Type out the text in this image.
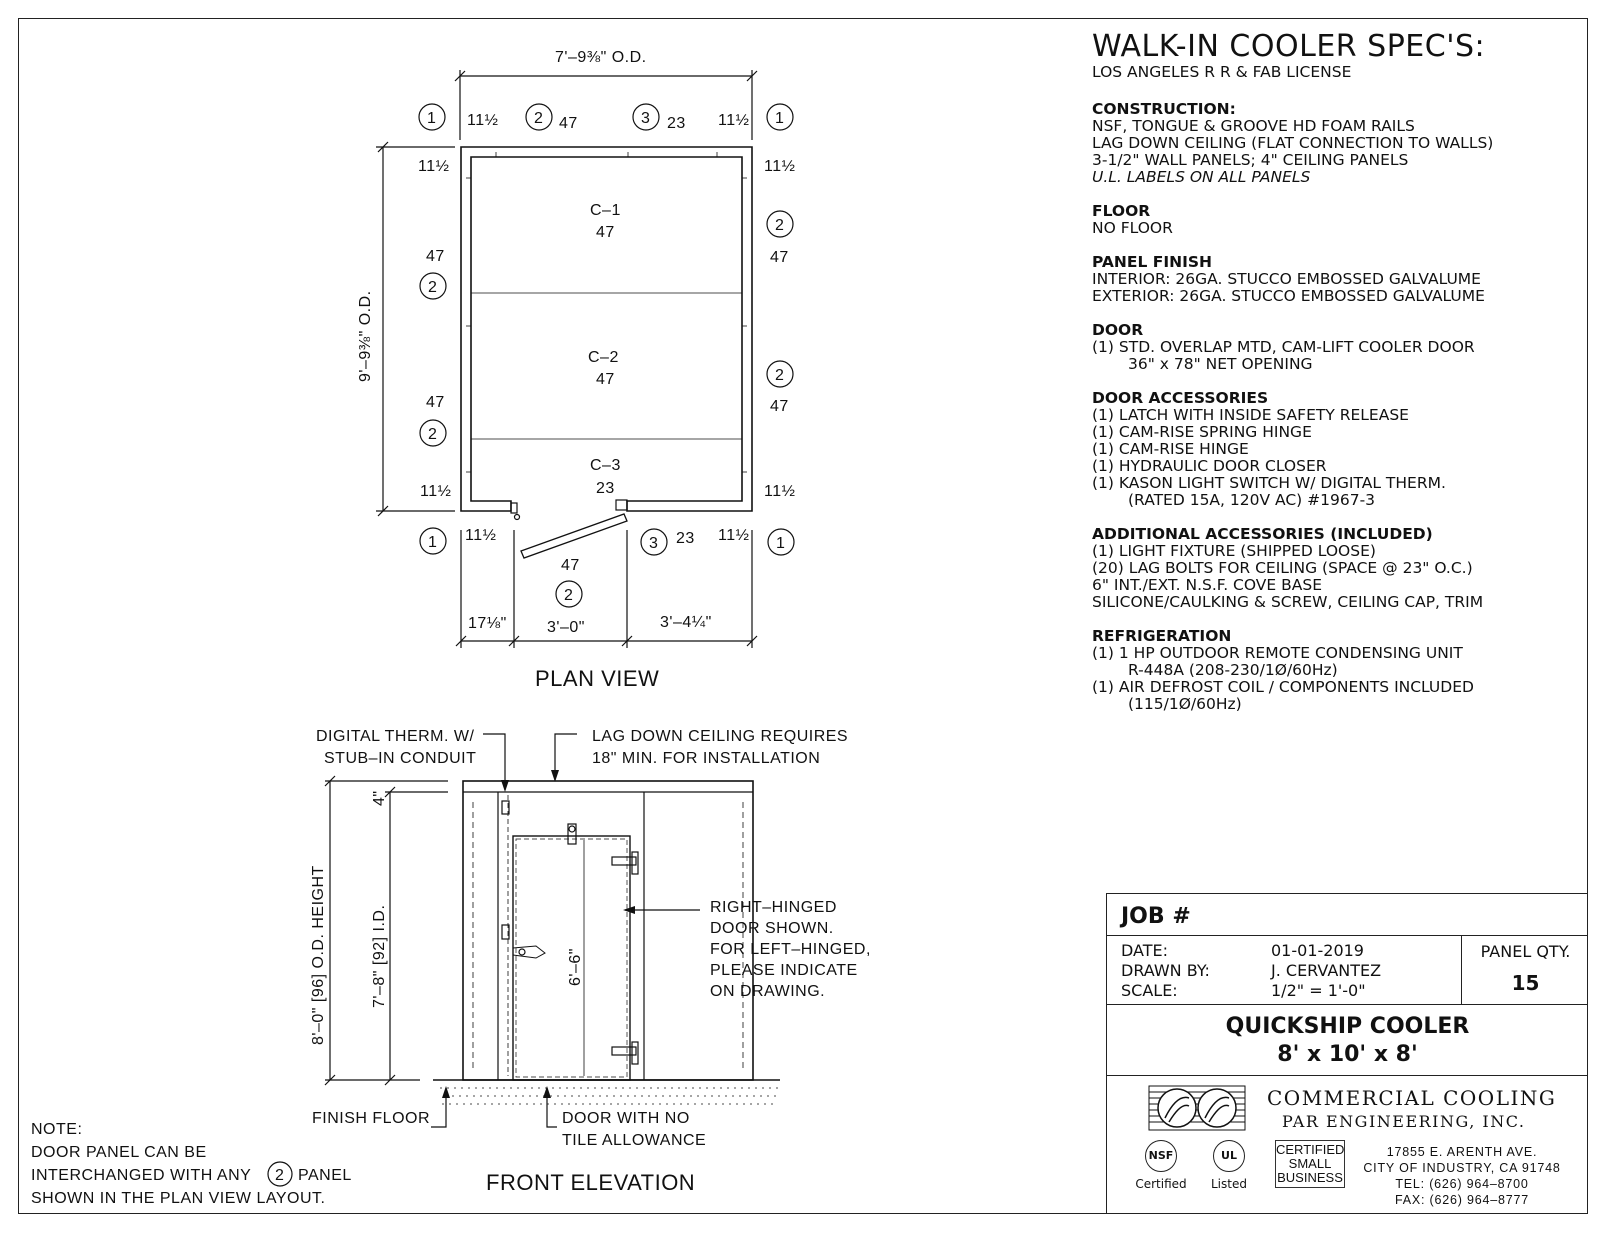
7'–9⅜" O.D.
9'–9⅜" O.D.
C–1
47
C–2
47
C–3
23
1 11½ 2 47	3 23 11½ 1
11½
47
2
47
2
11½
11½
2
47
2
47
11½
1 11½	3 23 11½ 1
47
2
17⅛"	3'–0"	3'–4¼"
PLAN VIEW
DIGITAL THERM. W/
STUB–IN CONDUIT
LAG DOWN CEILING REQUIRES
18" MIN. FOR INSTALLATION
8'–0" [96] O.D. HEIGHT	7'–8" [92] I.D.
4"
6'–6"
RIGHT–HINGED
DOOR SHOWN.
FOR LEFT–HINGED,
PLEASE INDICATE
ON DRAWING.
FINISH FLOOR	DOOR WITH NO
TILE ALLOWANCE
FRONT ELEVATION
NOTE:
DOOR PANEL CAN BE
INTERCHANGED WITH ANY 2 PANEL
SHOWN IN THE PLAN VIEW LAYOUT.
WALK-IN COOLER SPEC'S:
LOS ANGELES R R & FAB LICENSE
CONSTRUCTION:
NSF, TONGUE & GROOVE HD FOAM RAILS
LAG DOWN CEILING (FLAT CONNECTION TO WALLS)
3-1/2" WALL PANELS; 4" CEILING PANELS
U.L. LABELS ON ALL PANELS
FLOOR
NO FLOOR
PANEL FINISH
INTERIOR: 26GA. STUCCO EMBOSSED GALVALUME
EXTERIOR: 26GA. STUCCO EMBOSSED GALVALUME
DOOR
(1) STD. OVERLAP MTD, CAM-LIFT COOLER DOOR
36" x 78" NET OPENING
DOOR ACCESSORIES
(1) LATCH WITH INSIDE SAFETY RELEASE
(1) CAM-RISE SPRING HINGE
(1) CAM-RISE HINGE
(1) HYDRAULIC DOOR CLOSER
(1) KASON LIGHT SWITCH W/ DIGITAL THERM.
(RATED 15A, 120V AC) #1967-3
ADDITIONAL ACCESSORIES (INCLUDED)
(1) LIGHT FIXTURE (SHIPPED LOOSE)
(20) LAG BOLTS FOR CEILING (SPACE @ 23" O.C.)
6" INT./EXT. N.S.F. COVE BASE
SILICONE/CAULKING & SCREW, CEILING CAP, TRIM
REFRIGERATION
(1) 1 HP OUTDOOR REMOTE CONDENSING UNIT
R-448A (208-230/1Ø/60Hz)
(1) AIR DEFROST COIL / COMPONENTS INCLUDED
(115/1Ø/60Hz)
JOB #
DATE:	01-01-2019
DRAWN BY:	J. CERVANTEZ
SCALE:	1/2" = 1'-0"
PANEL QTY.
15
QUICKSHIP COOLER
8' x 10' x 8'
COMMERCIAL COOLING
PAR ENGINEERING, INC.
NSF
Certified
UL
Listed
CERTIFIED
SMALL
BUSINESS
17855 E. ARENTH AVE.
CITY OF INDUSTRY, CA 91748
TEL: (626) 964–8700
FAX: (626) 964–8777
